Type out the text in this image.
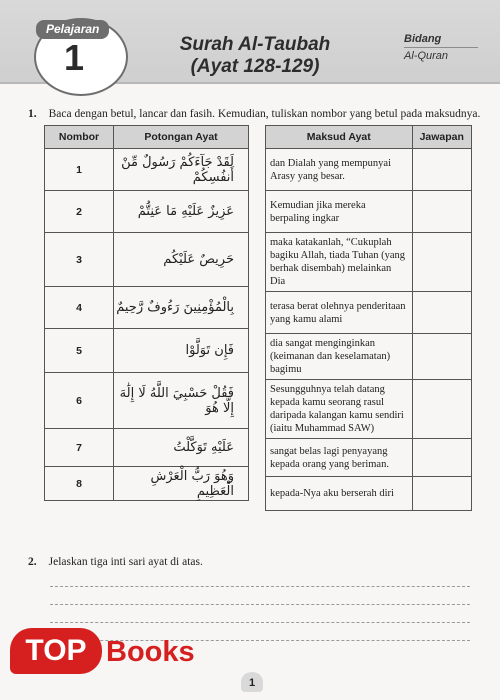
Pelajaran
1	Surah Al-Taubah
(Ayat 128-129)
Bidang
Al-Quran
1. Baca dengan betul, lancar dan fasih. Kemudian, tuliskan nombor yang betul pada maksudnya.
Nombor	Potongan Ayat
1	لَقَدْ جَآءَكُمْ رَسُولٌ مِّنْ أَنفُسِكُمْ
2	عَزِيزٌ عَلَيْهِ مَا عَنِتُّمْ
3	حَرِيصٌ عَلَيْكُم
4	بِالْمُؤْمِنِينَ رَءُوفٌ رَّحِيمٌ
5	فَإِن تَوَلَّوْا
6	فَقُلْ حَسْبِيَ اللَّهُ لَا إِلَٰهَ إِلَّا هُوَ
7	عَلَيْهِ تَوَكَّلْتُ
8	وَهُوَ رَبُّ الْعَرْشِ الْعَظِيمِ
Maksud Ayat	Jawapan
dan Dialah yang mempunyai Arasy yang besar.	
Kemudian jika mereka berpaling ingkar	
maka katakanlah, “Cukuplah bagiku Allah, tiada Tuhan (yang berhak disembah) melainkan Dia	
terasa berat olehnya penderitaan yang kamu alami	
dia sangat menginginkan (keimanan dan keselamatan) bagimu	
Sesungguhnya telah datang kepada kamu seorang rasul daripada kalangan kamu sendiri (iaitu Muhammad SAW)	
sangat belas lagi penyayang kepada orang yang beriman.	
kepada-Nya aku berserah diri	
2. Jelaskan tiga inti sari ayat di atas.
TOP Books
1
